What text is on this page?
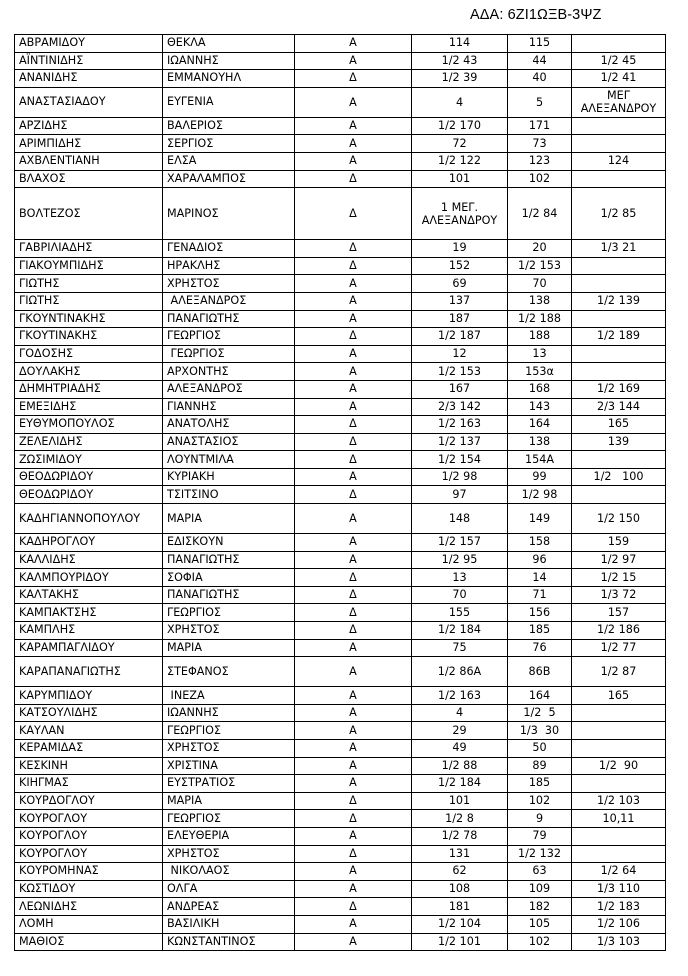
ΑΔΑ: 6ΖΙ1ΩΞΒ-3ΨΖ
ΑΒΡΑΜΙΔΟΥ	ΘΕΚΛΑ	Α	114	115	
ΑΪΝΤΙΝΙΔΗΣ	ΙΩΑΝΝΗΣ	Α	1/2 43	44	1/2 45
ΑΝΑΝΙΔΗΣ	ΕΜΜΑΝΟΥΗΛ	Δ	1/2 39	40	1/2 41
ΑΝΑΣΤΑΣΙΑΔΟΥ	ΕΥΓΕΝΙΑ	Α	4	5	ΜΕΓ ΑΛΕΞΑΝΔΡΟΥ
ΑΡΖΙΔΗΣ	ΒΑΛΕΡΙΟΣ	Α	1/2 170	171	
ΑΡΙΜΠΙΔΗΣ	ΣΕΡΓΙΟΣ	Α	72	73	
ΑΧΒΛΕΝΤΙΑΝΗ	ΕΛΣΑ	Α	1/2 122	123	124
ΒΛΑΧΟΣ	ΧΑΡΑΛΑΜΠΟΣ	Δ	101	102	
ΒΟΛΤΕΖΟΣ	ΜΑΡΙΝΟΣ	Δ	1 ΜΕΓ. ΑΛΕΞΑΝΔΡΟΥ	1/2 84	1/2 85
ΓΑΒΡΙΛΙΑΔΗΣ	ΓΕΝΑΔΙΟΣ	Δ	19	20	1/3 21
ΓΙΑΚΟΥΜΠΙΔΗΣ	ΗΡΑΚΛΗΣ	Δ	152	1/2 153	
ΓΙΩΤΗΣ	ΧΡΗΣΤΟΣ	Α	69	70	
ΓΙΩΤΗΣ	ΑΛΕΞΑΝΔΡΟΣ	Α	137	138	1/2 139
ΓΚΟΥΝΤΙΝΑΚΗΣ	ΠΑΝΑΓΙΩΤΗΣ	Α	187	1/2 188	
ΓΚΟΥΤΙΝΑΚΗΣ	ΓΕΩΡΓΙΟΣ	Δ	1/2 187	188	1/2 189
ΓΟΔΟΣΗΣ	ΓΕΩΡΓΙΟΣ	Α	12	13	
ΔΟΥΛΑΚΗΣ	ΑΡΧΟΝΤΗΣ	Α	1/2 153	153α	
ΔΗΜΗΤΡΙΑΔΗΣ	ΑΛΕΞΑΝΔΡΟΣ	Α	167	168	1/2 169
ΕΜΕΞΙΔΗΣ	ΓΙΑΝΝΗΣ	Α	2/3 142	143	2/3 144
ΕΥΘΥΜΟΠΟΥΛΟΣ	ΑΝΑΤΟΛΗΣ	Δ	1/2 163	164	165
ΖΕΛΕΛΙΔΗΣ	ΑΝΑΣΤΑΣΙΟΣ	Δ	1/2 137	138	139
ΖΩΣΙΜΙΔΟΥ	ΛΟΥΝΤΜΙΛΑ	Δ	1/2 154	154Α	
ΘΕΟΔΩΡΙΔΟΥ	ΚΥΡΙΑΚΗ	Α	1/2 98	99	1/2   100
ΘΕΟΔΩΡΙΔΟΥ	ΤΣΙΤΣΙΝΟ	Δ	97	1/2 98	
ΚΑΔΗΓΙΑΝΝΟΠΟΥΛΟΥ	ΜΑΡΙΑ	Α	148	149	1/2 150
ΚΑΔΗΡΟΓΛΟΥ	ΕΔΙΣΚΟΥΝ	Α	1/2 157	158	159
ΚΑΛΛΙΔΗΣ	ΠΑΝΑΓΙΩΤΗΣ	Α	1/2 95	96	1/2 97
ΚΑΛΜΠΟΥΡΙΔΟΥ	ΣΟΦΙΑ	Δ	13	14	1/2 15
ΚΑΛΤΑΚΗΣ	ΠΑΝΑΓΙΩΤΗΣ	Δ	70	71	1/3 72
ΚΑΜΠΑΚΤΣΗΣ	ΓΕΩΡΓΙΟΣ	Δ	155	156	157
ΚΑΜΠΛΗΣ	ΧΡΗΣΤΟΣ	Δ	1/2 184	185	1/2 186
ΚΑΡΑΜΠΑΓΛΙΔΟΥ	ΜΑΡΙΑ	Α	75	76	1/2 77
ΚΑΡΑΠΑΝΑΓΙΩΤΗΣ	ΣΤΕΦΑΝΟΣ	Α	1/2 86Α	86Β	1/2 87
ΚΑΡΥΜΠΙΔΟΥ	ΙΝΕΖΑ	Α	1/2 163	164	165
ΚΑΤΣΟΥΛΙΔΗΣ	ΙΩΑΝΝΗΣ	Α	4	1/2  5	
ΚΑΥΛΑΝ	ΓΕΩΡΓΙΟΣ	Α	29	1/3  30	
ΚΕΡΑΜΙΔΑΣ	ΧΡΗΣΤΟΣ	Α	49	50	
ΚΕΣΚΙΝΗ	ΧΡΙΣΤΙΝΑ	Α	1/2 88	89	1/2  90
ΚΙΗΓΜΑΣ	ΕΥΣΤΡΑΤΙΟΣ	Α	1/2 184	185	
ΚΟΥΡΔΟΓΛΟΥ	ΜΑΡΙΑ	Δ	101	102	1/2 103
ΚΟΥΡΟΓΛΟΥ	ΓΕΩΡΓΙΟΣ	Δ	1/2 8	9	10,11
ΚΟΥΡΟΓΛΟΥ	ΕΛΕΥΘΕΡΙΑ	Α	1/2 78	79	
ΚΟΥΡΟΓΛΟΥ	ΧΡΗΣΤΟΣ	Δ	131	1/2 132	
ΚΟΥΡΟΜΗΝΑΣ	ΝΙΚΟΛΑΟΣ	Α	62	63	1/2 64
ΚΩΣΤΙΔΟΥ	ΟΛΓΑ	Α	108	109	1/3 110
ΛΕΩΝΙΔΗΣ	ΑΝΔΡΕΑΣ	Δ	181	182	1/2 183
ΛΟΜΗ	ΒΑΣΙΛΙΚΗ	Α	1/2 104	105	1/2 106
ΜΑΘΙΟΣ	ΚΩΝΣΤΑΝΤΙΝΟΣ	Α	1/2 101	102	1/3 103
